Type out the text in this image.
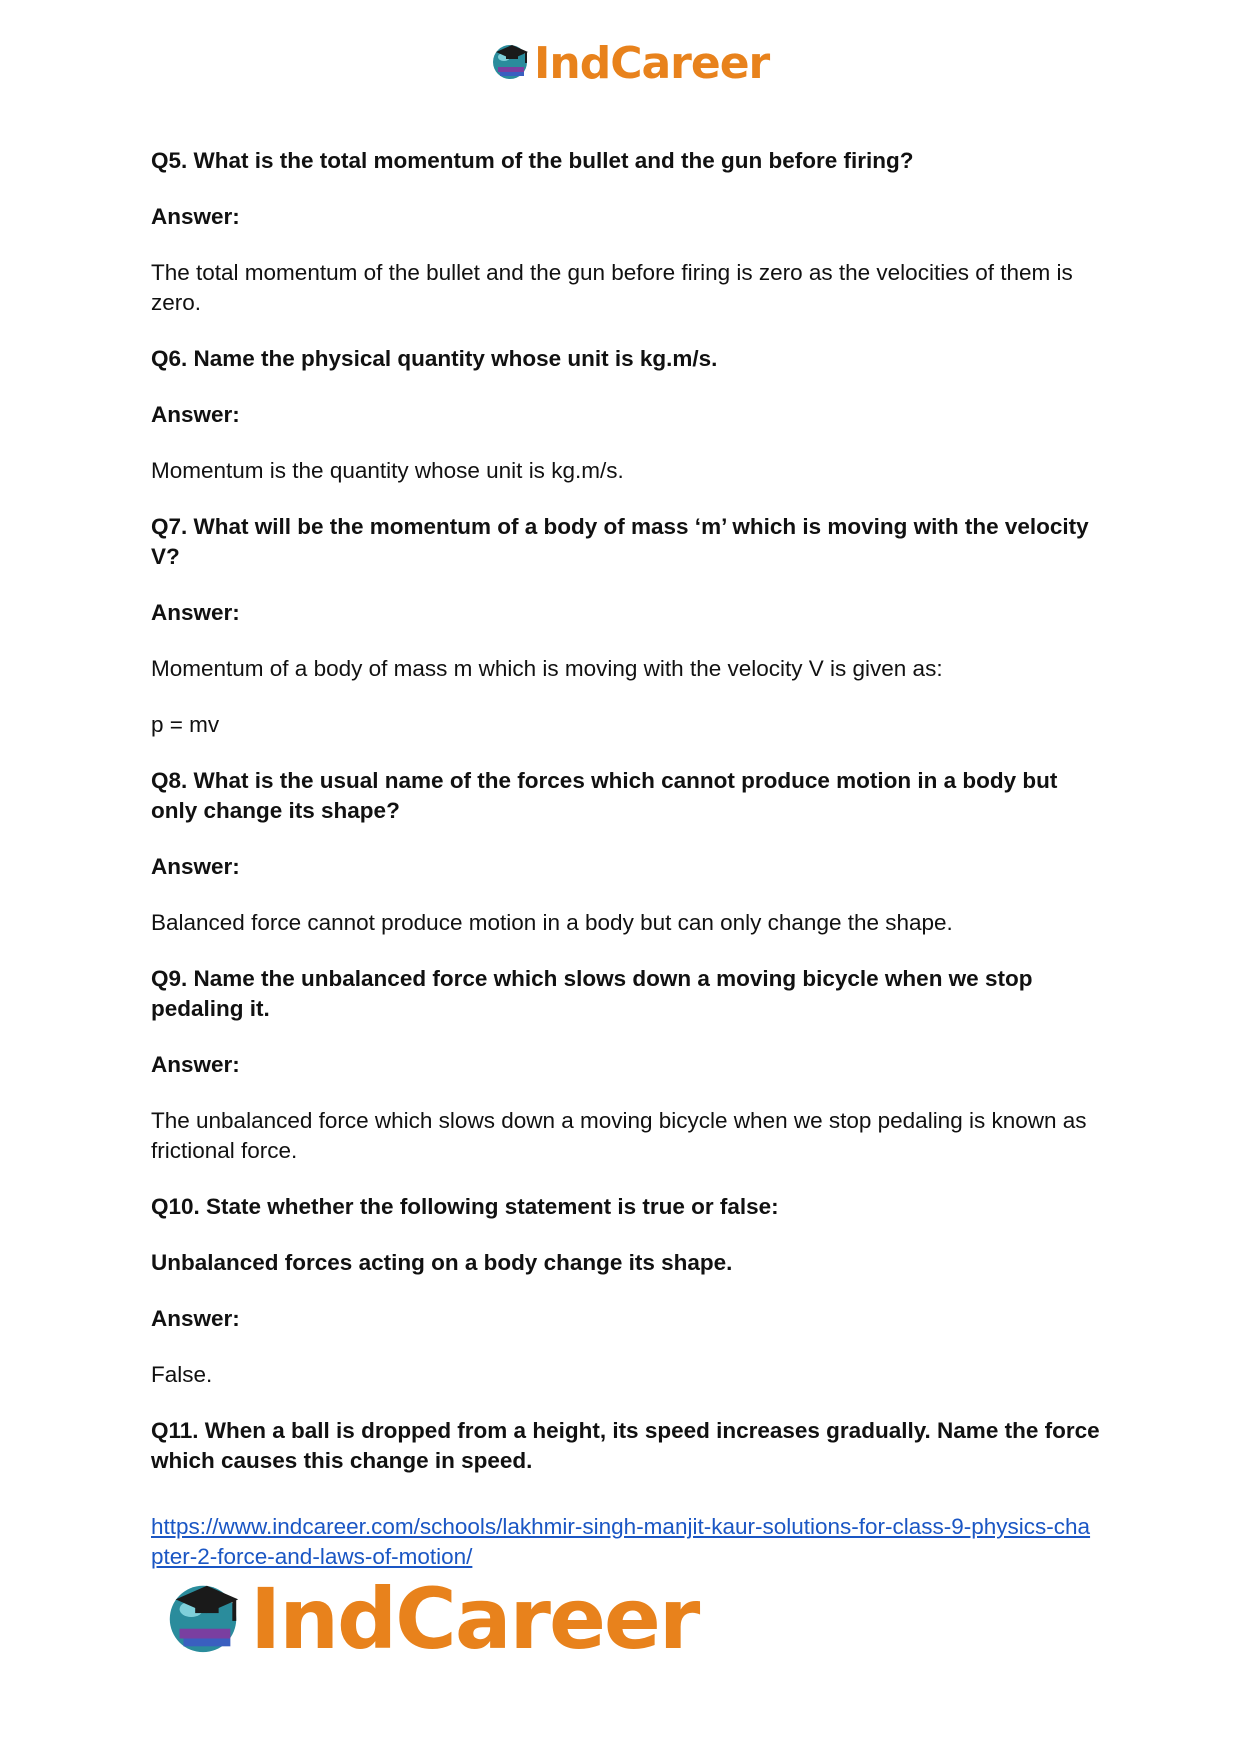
IndCareer

Q5. What is the total momentum of the bullet and the gun before firing?

Answer:

The total momentum of the bullet and the gun before firing is zero as the velocities of them is zero.

Q6. Name the physical quantity whose unit is kg.m/s.

Answer:

Momentum is the quantity whose unit is kg.m/s.

Q7. What will be the momentum of a body of mass ‘m’ which is moving with the velocity V?

Answer:

Momentum of a body of mass m which is moving with the velocity V is given as:

p = mv

Q8. What is the usual name of the forces which cannot produce motion in a body but only change its shape?

Answer:

Balanced force cannot produce motion in a body but can only change the shape.

Q9. Name the unbalanced force which slows down a moving bicycle when we stop pedaling it.

Answer:

The unbalanced force which slows down a moving bicycle when we stop pedaling is known as frictional force.

Q10. State whether the following statement is true or false:

Unbalanced forces acting on a body change its shape.

Answer:

False.

Q11. When a ball is dropped from a height, its speed increases gradually. Name the force which causes this change in speed.

https://www.indcareer.com/schools/lakhmir-singh-manjit-kaur-solutions-for-class-9-physics-chapter-2-force-and-laws-of-motion/
IndCareer
